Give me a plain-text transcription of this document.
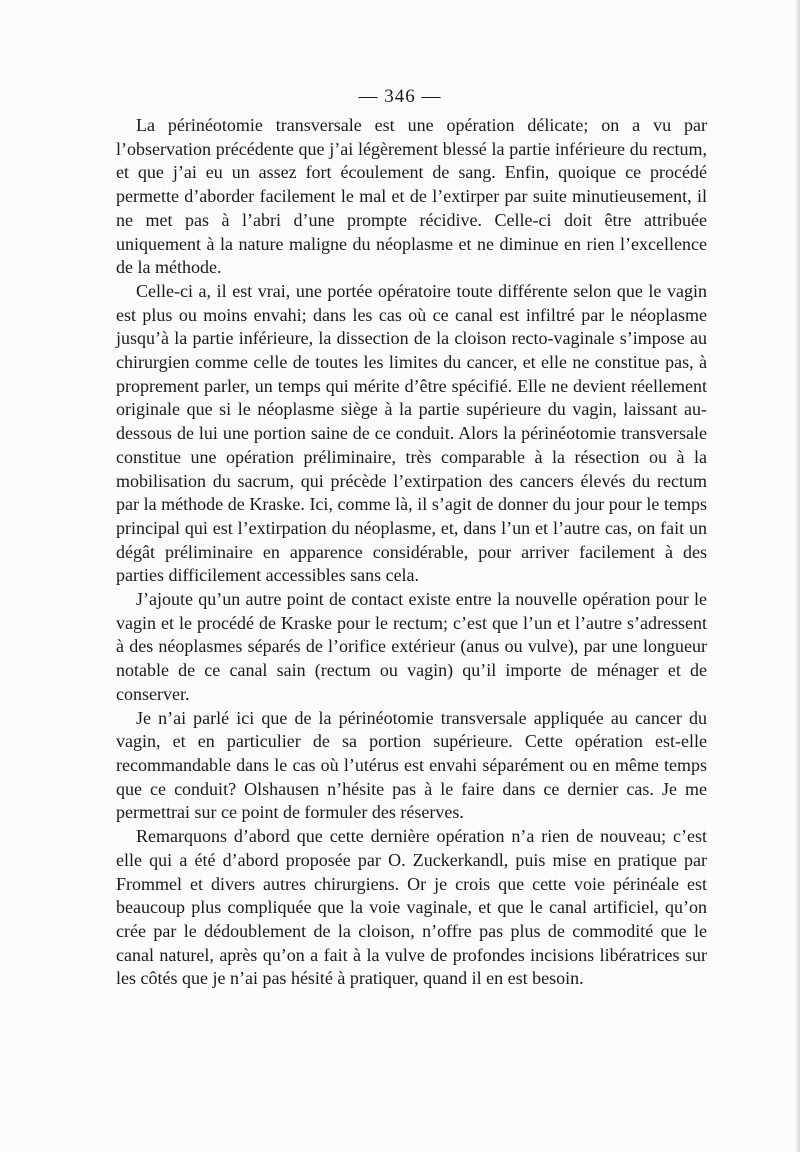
— 346 —

La périnéotomie transversale est une opération délicate; on a vu par l’observation précédente que j’ai légèrement blessé la partie inférieure du rectum, et que j’ai eu un assez fort écoulement de sang. Enfin, quoique ce procédé permette d’aborder facilement le mal et de l’extirper par suite minutieusement, il ne met pas à l’abri d’une prompte récidive. Celle-ci doit être attribuée uniquement à la nature maligne du néoplasme et ne diminue en rien l’excellence de la méthode.

Celle-ci a, il est vrai, une portée opératoire toute différente selon que le vagin est plus ou moins envahi; dans les cas où ce canal est infiltré par le néoplasme jusqu’à la partie inférieure, la dissection de la cloison recto-vaginale s’impose au chirurgien comme celle de toutes les limites du cancer, et elle ne constitue pas, à proprement parler, un temps qui mérite d’être spécifié. Elle ne devient réellement originale que si le néoplasme siège à la partie supérieure du vagin, laissant au-dessous de lui une portion saine de ce conduit. Alors la périnéotomie transversale constitue une opération préliminaire, très comparable à la résection ou à la mobilisation du sacrum, qui précède l’extirpation des cancers élevés du rectum par la méthode de Kraske. Ici, comme là, il s’agit de donner du jour pour le temps principal qui est l’extirpation du néoplasme, et, dans l’un et l’autre cas, on fait un dégât préliminaire en apparence considérable, pour arriver facilement à des parties difficilement accessibles sans cela.

J’ajoute qu’un autre point de contact existe entre la nouvelle opération pour le vagin et le procédé de Kraske pour le rectum; c’est que l’un et l’autre s’adressent à des néoplasmes séparés de l’orifice extérieur (anus ou vulve), par une longueur notable de ce canal sain (rectum ou vagin) qu’il importe de ménager et de conserver.

Je n’ai parlé ici que de la périnéotomie transversale appliquée au cancer du vagin, et en particulier de sa portion supérieure. Cette opération est-elle recommandable dans le cas où l’utérus est envahi séparément ou en même temps que ce conduit? Olshausen n’hésite pas à le faire dans ce dernier cas. Je me permettrai sur ce point de formuler des réserves.

Remarquons d’abord que cette dernière opération n’a rien de nouveau; c’est elle qui a été d’abord proposée par O. Zuckerkandl, puis mise en pratique par Frommel et divers autres chirurgiens. Or je crois que cette voie périnéale est beaucoup plus compliquée que la voie vaginale, et que le canal artificiel, qu’on crée par le dédoublement de la cloison, n’offre pas plus de commodité que le canal naturel, après qu’on a fait à la vulve de profondes incisions libératrices sur les côtés que je n’ai pas hésité à pratiquer, quand il en est besoin.
